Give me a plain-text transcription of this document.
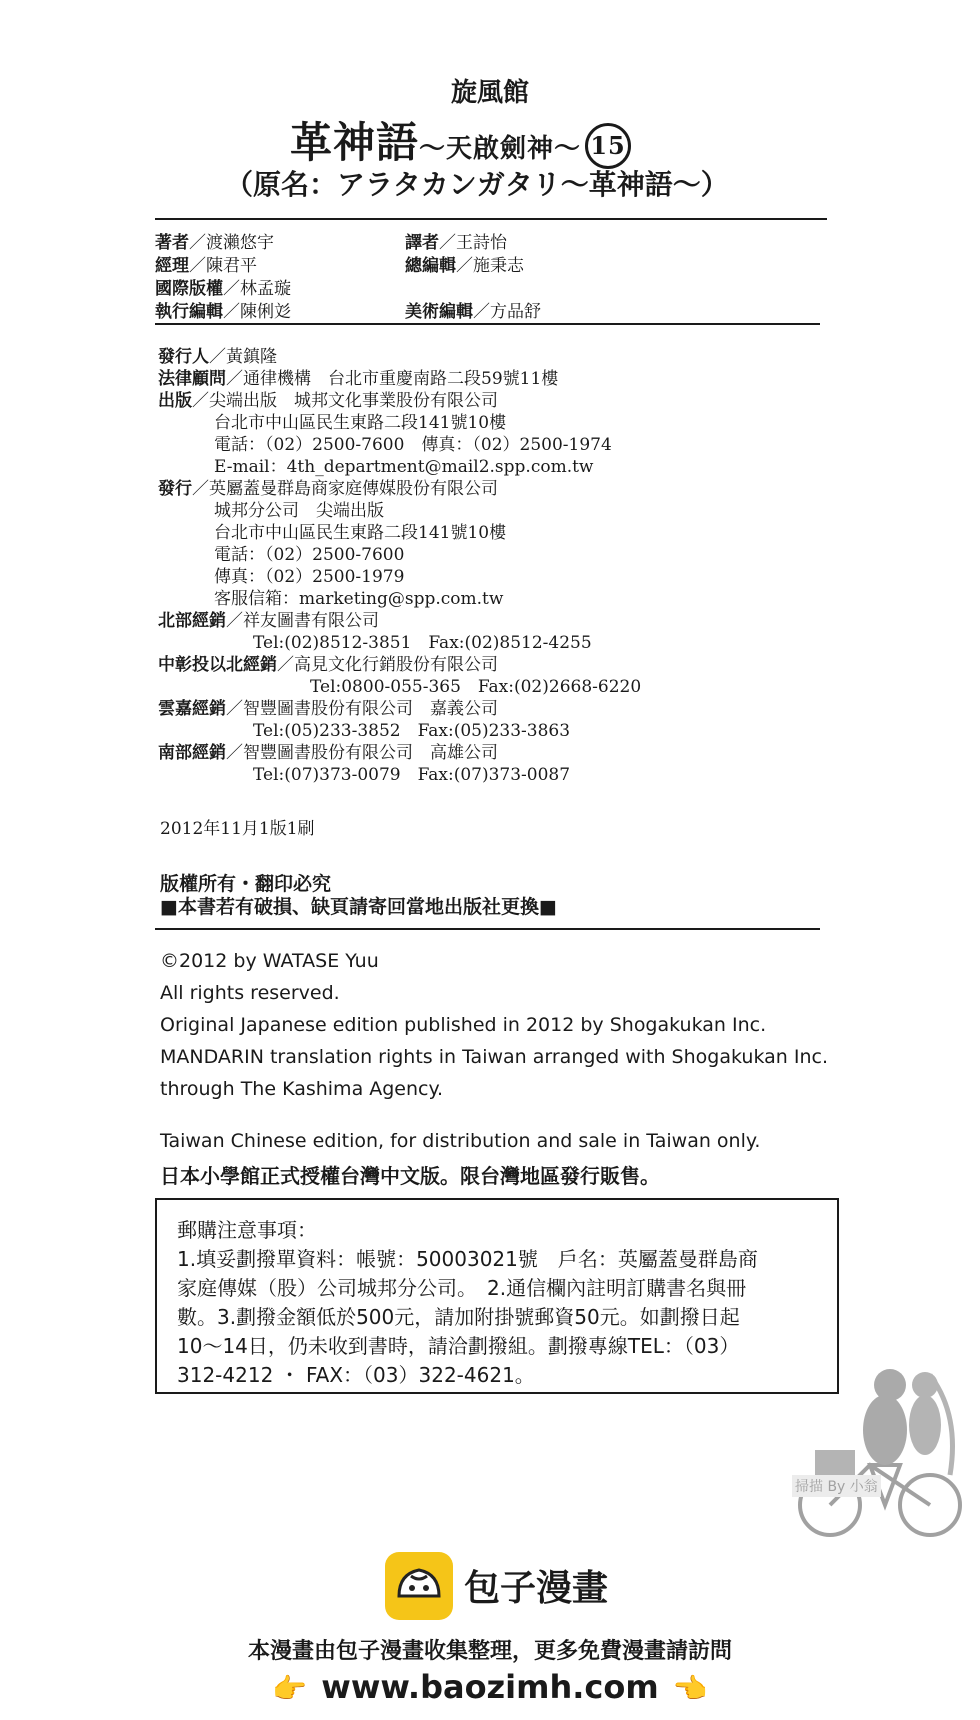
旋風館
革神語～天啟劍神～ 15
（原名：アラタカンガタリ～革神語～）
著者／渡瀨悠宇	譯者／王詩怡
經理／陳君平	總編輯／施秉志
國際版權／林孟璇
執行編輯／陳俐彣	美術編輯／方品舒
發行人／黃鎮隆
法律顧問／通律機構　台北市重慶南路二段59號11樓
出版／尖端出版　城邦文化事業股份有限公司
台北市中山區民生東路二段141號10樓
電話：（02）2500-7600　傳真：（02）2500-1974
E-mail：4th_department@mail2.spp.com.tw
發行／英屬蓋曼群島商家庭傳媒股份有限公司
城邦分公司　尖端出版
台北市中山區民生東路二段141號10樓
電話：（02）2500-7600
傳真：（02）2500-1979
客服信箱：marketing@spp.com.tw
北部經銷／祥友圖書有限公司
Tel:(02)8512-3851　Fax:(02)8512-4255
中彰投以北經銷／高見文化行銷股份有限公司
Tel:0800-055-365　Fax:(02)2668-6220
雲嘉經銷／智豐圖書股份有限公司　嘉義公司
Tel:(05)233-3852　Fax:(05)233-3863
南部經銷／智豐圖書股份有限公司　高雄公司
Tel:(07)373-0079　Fax:(07)373-0087
2012年11月1版1刷
版權所有・翻印必究
■本書若有破損、缺頁請寄回當地出版社更換■
©2012 by WATASE Yuu
All rights reserved.
Original Japanese edition published in 2012 by Shogakukan Inc.
MANDARIN translation rights in Taiwan arranged with Shogakukan Inc.
through The Kashima Agency.
Taiwan Chinese edition, for distribution and sale in Taiwan only.
日本小學館正式授權台灣中文版。限台灣地區發行販售。
郵購注意事項：
1.填妥劃撥單資料：帳號：50003021號　戶名：英屬蓋曼群島商
家庭傳媒（股）公司城邦分公司。　2.通信欄內註明訂購書名與冊
數。3.劃撥金額低於500元，請加附掛號郵資50元。如劃撥日起
10～14日，仍未收到書時，請洽劃撥組。劃撥專線TEL：（03）
312-4212 ・ FAX：（03）322-4621。
掃描 By 小翁
包子漫畫
本漫畫由包子漫畫收集整理，更多免費漫畫請訪問
👉 www.baozimh.com 👈
